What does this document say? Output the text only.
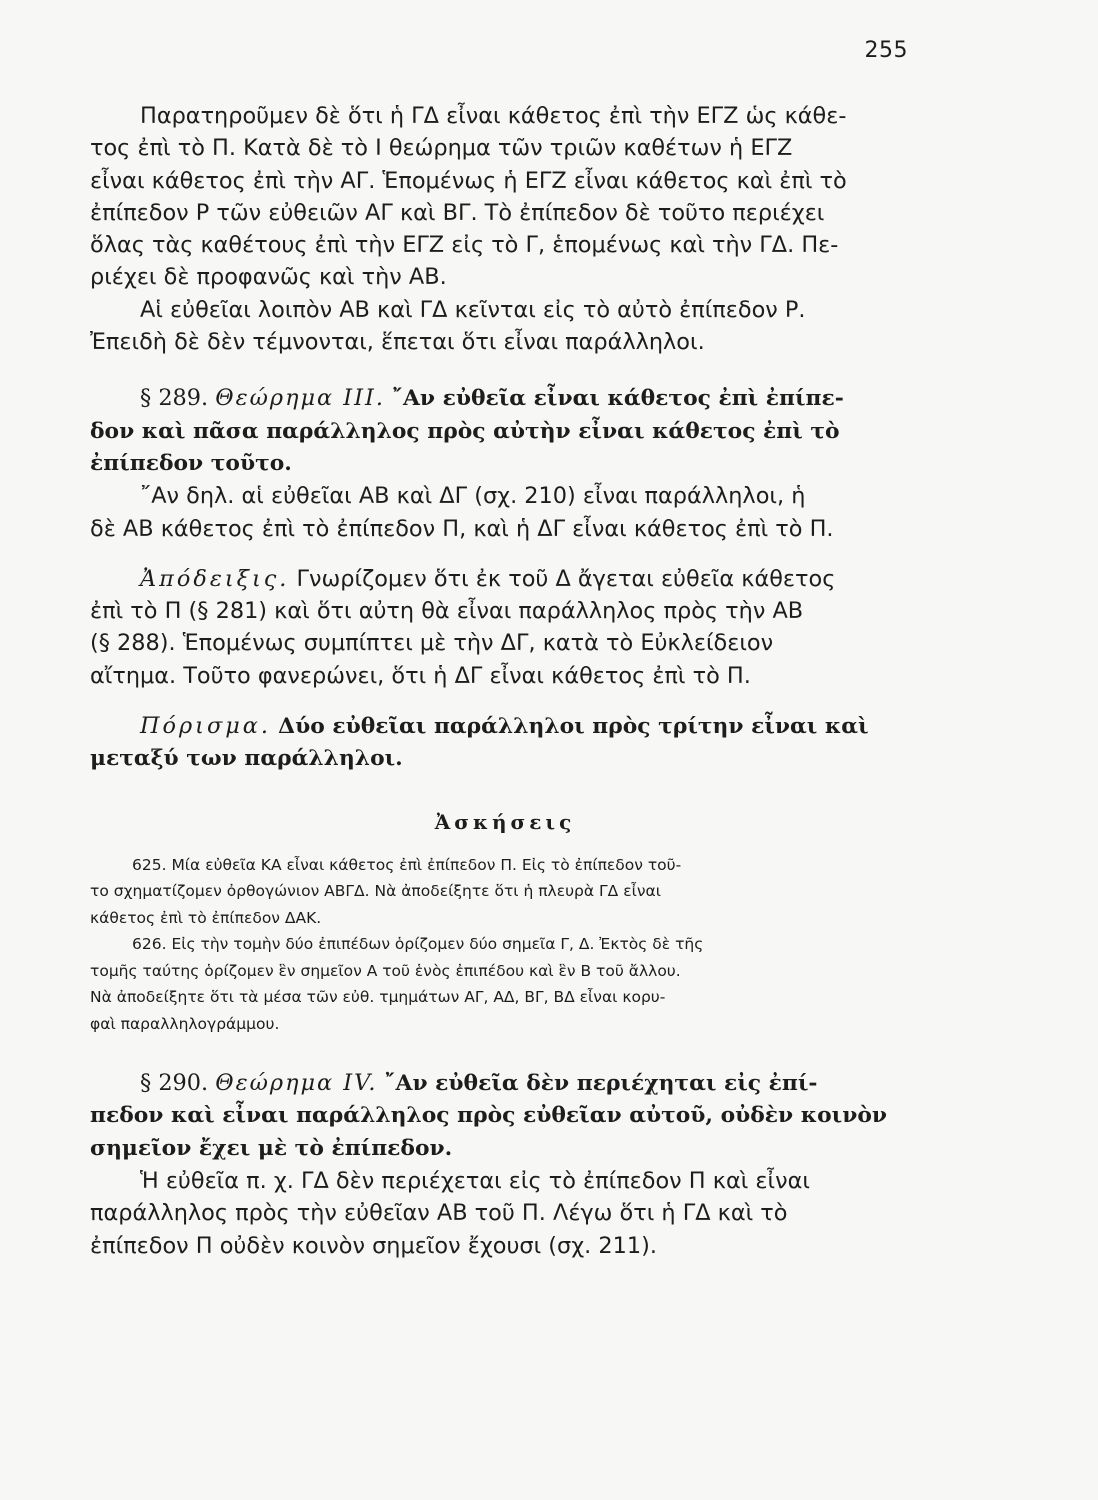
255
Παρατηροῦμεν δὲ ὅτι ἡ ΓΔ εἶναι κάθετος ἐπὶ τὴν ΕΓΖ ὡς κάθε-
τος ἐπὶ τὸ Π. Κατὰ δὲ τὸ Ι θεώρημα τῶν τριῶν καθέτων ἡ ΕΓΖ
εἶναι κάθετος ἐπὶ τὴν ΑΓ. Ἑπομένως ἡ ΕΓΖ εἶναι κάθετος καὶ ἐπὶ τὸ
ἐπίπεδον Ρ τῶν εὐθειῶν ΑΓ καὶ ΒΓ. Τὸ ἐπίπεδον δὲ τοῦτο περιέχει
ὅλας τὰς καθέτους ἐπὶ τὴν ΕΓΖ εἰς τὸ Γ, ἑπομένως καὶ τὴν ΓΔ. Πε-
ριέχει δὲ προφανῶς καὶ τὴν ΑΒ.
Αἱ εὐθεῖαι λοιπὸν ΑΒ καὶ ΓΔ κεῖνται εἰς τὸ αὐτὸ ἐπίπεδον Ρ.
Ἐπειδὴ δὲ δὲν τέμνονται, ἕπεται ὅτι εἶναι παράλληλοι.
§ 289. Θεώρημα ΙΙΙ. ῎Αν εὐθεῖα εἶναι κάθετος ἐπὶ ἐπίπε-
δον καὶ πᾶσα παράλληλος πρὸς αὐτὴν εἶναι κάθετος ἐπὶ τὸ
ἐπίπεδον τοῦτο.
῎Αν δηλ. αἱ εὐθεῖαι ΑΒ καὶ ΔΓ (σχ. 210) εἶναι παράλληλοι, ἡ
δὲ ΑΒ κάθετος ἐπὶ τὸ ἐπίπεδον Π, καὶ ἡ ΔΓ εἶναι κάθετος ἐπὶ τὸ Π.
Ἀπόδειξις. Γνωρίζομεν ὅτι ἐκ τοῦ Δ ἄγεται εὐθεῖα κάθετος
ἐπὶ τὸ Π (§ 281) καὶ ὅτι αὐτη θὰ εἶναι παράλληλος πρὸς τὴν ΑΒ
(§ 288). Ἑπομένως συμπίπτει μὲ τὴν ΔΓ, κατὰ τὸ Εὐκλείδειον
αἴτημα. Τοῦτο φανερώνει, ὅτι ἡ ΔΓ εἶναι κάθετος ἐπὶ τὸ Π.
Πόρισμα. Δύο εὐθεῖαι παράλληλοι πρὸς τρίτην εἶναι καὶ
μεταξύ των παράλληλοι.
Ἀσκήσεις
625. Μία εὐθεῖα ΚΑ εἶναι κάθετος ἐπὶ ἐπίπεδον Π. Εἰς τὸ ἐπίπεδον τοῦ-
το σχηματίζομεν ὀρθογώνιον ΑΒΓΔ. Νὰ ἀποδείξητε ὅτι ἡ πλευρὰ ΓΔ εἶναι
κάθετος ἐπὶ τὸ ἐπίπεδον ΔΑΚ.
626. Εἰς τὴν τομὴν δύο ἐπιπέδων ὁρίζομεν δύο σημεῖα Γ, Δ. Ἐκτὸς δὲ τῆς
τομῆς ταύτης ὁρίζομεν ἓν σημεῖον Α τοῦ ἑνὸς ἐπιπέδου καὶ ἓν Β τοῦ ἄλλου.
Νὰ ἀποδείξητε ὅτι τὰ μέσα τῶν εὐθ. τμημάτων ΑΓ, ΑΔ, ΒΓ, ΒΔ εἶναι κορυ-
φαὶ παραλληλογράμμου.
§ 290. Θεώρημα ΙV. ῎Αν εὐθεῖα δὲν περιέχηται εἰς ἐπί-
πεδον καὶ εἶναι παράλληλος πρὸς εὐθεῖαν αὐτοῦ, οὐδὲν κοινὸν
σημεῖον ἔχει μὲ τὸ ἐπίπεδον.
Ἡ εὐθεῖα π. χ. ΓΔ δὲν περιέχεται εἰς τὸ ἐπίπεδον Π καὶ εἶναι
παράλληλος πρὸς τὴν εὐθεῖαν ΑΒ τοῦ Π. Λέγω ὅτι ἡ ΓΔ καὶ τὸ
ἐπίπεδον Π οὐδὲν κοινὸν σημεῖον ἔχουσι (σχ. 211).
